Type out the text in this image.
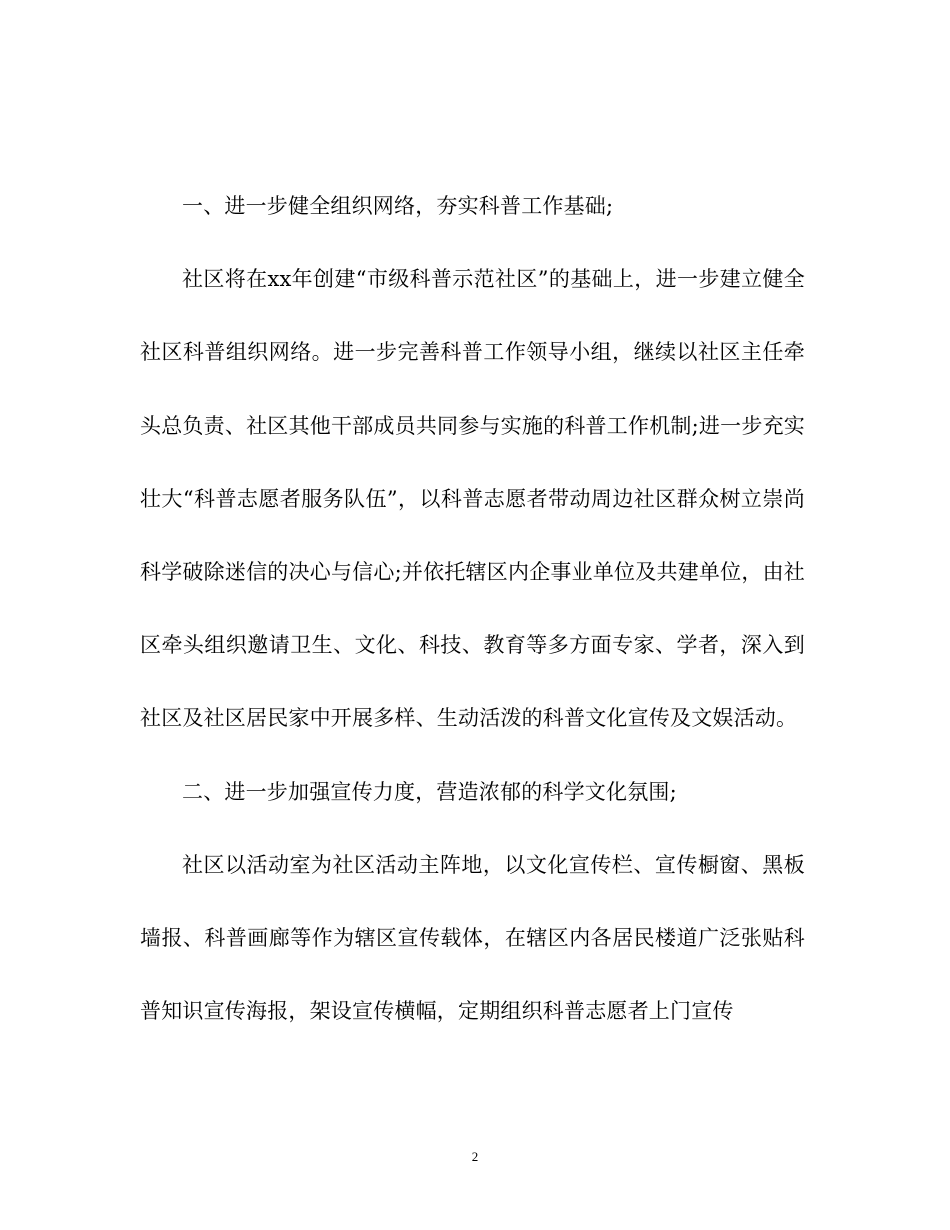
一、进一步健全组织网络，夯实科普工作基础;

社区将在xx年创建“市级科普示范社区”的基础上，进一步建立健全社区科普组织网络。进一步完善科普工作领导小组，继续以社区主任牵头总负责、社区其他干部成员共同参与实施的科普工作机制;进一步充实壮大“科普志愿者服务队伍”，以科普志愿者带动周边社区群众树立崇尚科学破除迷信的决心与信心;并依托辖区内企事业单位及共建单位，由社区牵头组织邀请卫生、文化、科技、教育等多方面专家、学者，深入到社区及社区居民家中开展多样、生动活泼的科普文化宣传及文娱活动。

二、进一步加强宣传力度，营造浓郁的科学文化氛围;

社区以活动室为社区活动主阵地，以文化宣传栏、宣传橱窗、黑板墙报、科普画廊等作为辖区宣传载体，在辖区内各居民楼道广泛张贴科普知识宣传海报，架设宣传横幅，定期组织科普志愿者上门宣传

2
